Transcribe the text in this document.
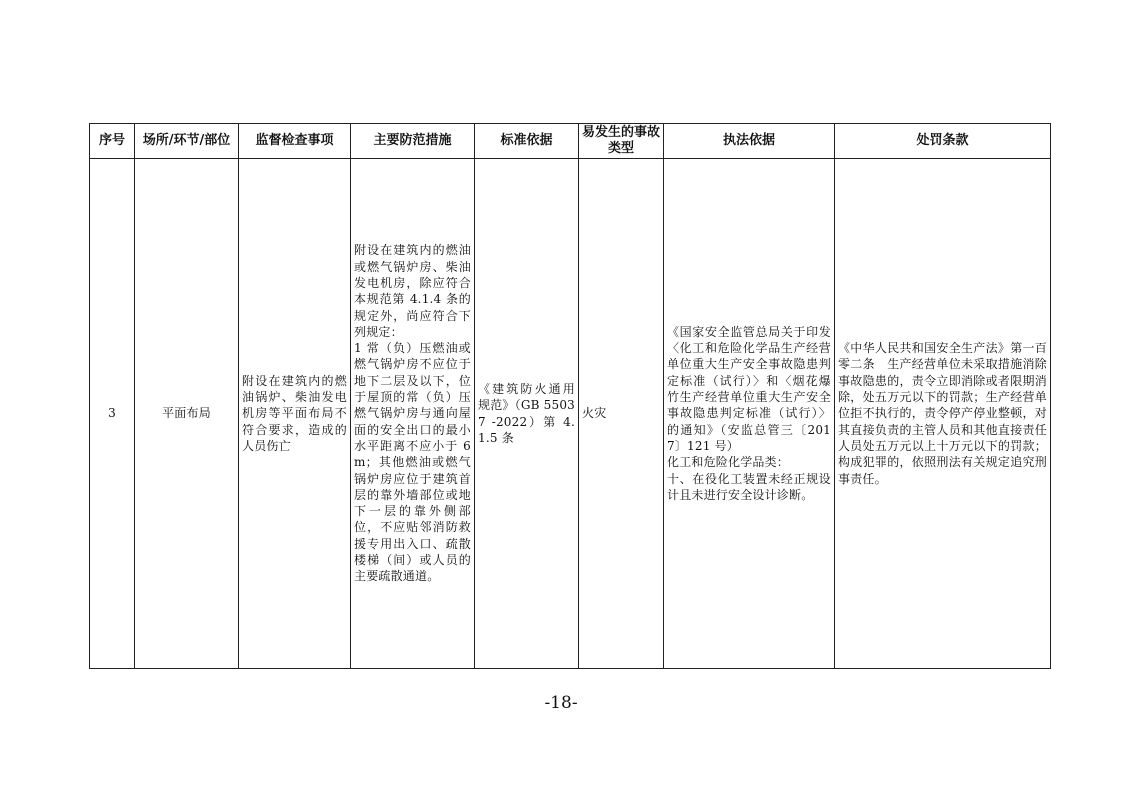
序号	场所/环节/部位	监督检查事项	主要防范措施	标准依据	易发生的事故类型	执法依据	处罚条款
3	平面布局	附设在建筑内的燃油锅炉、柴油发电机房等平面布局不符合要求，造成的人员伤亡	附设在建筑内的燃油或燃气锅炉房、柴油发电机房，除应符合本规范第 4.1.4 条的规定外，尚应符合下列规定：
1 常（负）压燃油或燃气锅炉房不应位于地下二层及以下，位于屋顶的常（负）压燃气锅炉房与通向屋面的安全出口的最小水平距离不应小于 6 m；其他燃油或燃气锅炉房应位于建筑首层的靠外墙部位或地下一层的靠外侧部位，不应贴邻消防救援专用出入口、疏散楼梯（间）或人员的主要疏散通道。	《建筑防火通用规范》（GB 55037 -2022）第 4.1.5 条	火灾	《国家安全监管总局关于印发〈化工和危险化学品生产经营单位重大生产安全事故隐患判定标准（试行）〉和〈烟花爆竹生产经营单位重大生产安全事故隐患判定标准（试行）〉的通知》（安监总管三〔2017〕121 号）
化工和危险化学品类：
十、在役化工装置未经正规设计且未进行安全设计诊断。	《中华人民共和国安全生产法》第一百零二条　生产经营单位未采取措施消除事故隐患的，责令立即消除或者限期消除，处五万元以下的罚款；生产经营单位拒不执行的，责令停产停业整顿，对其直接负责的主管人员和其他直接责任人员处五万元以上十万元以下的罚款；构成犯罪的，依照刑法有关规定追究刑事责任。
-18-
